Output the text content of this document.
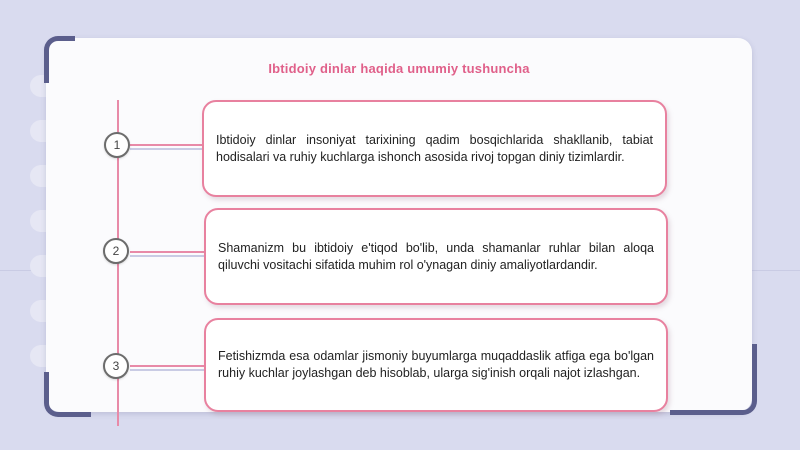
Ibtidoiy dinlar haqida umumiy tushuncha
1
2
3

Ibtidoiy dinlar insoniyat tarixining qadim bosqichlarida shakllanib, tabiat hodisalari va ruhiy kuchlarga ishonch asosida rivoj topgan diniy tizimlardir.

Shamanizm bu ibtidoiy e'tiqod bo'lib, unda shamanlar ruhlar bilan aloqa qiluvchi vositachi sifatida muhim rol o'ynagan diniy amaliyotlardandir.

Fetishizmda esa odamlar jismoniy buyumlarga muqaddaslik atfiga ega bo'lgan ruhiy kuchlar joylashgan deb hisoblab, ularga sig'inish orqali najot izlashgan.
